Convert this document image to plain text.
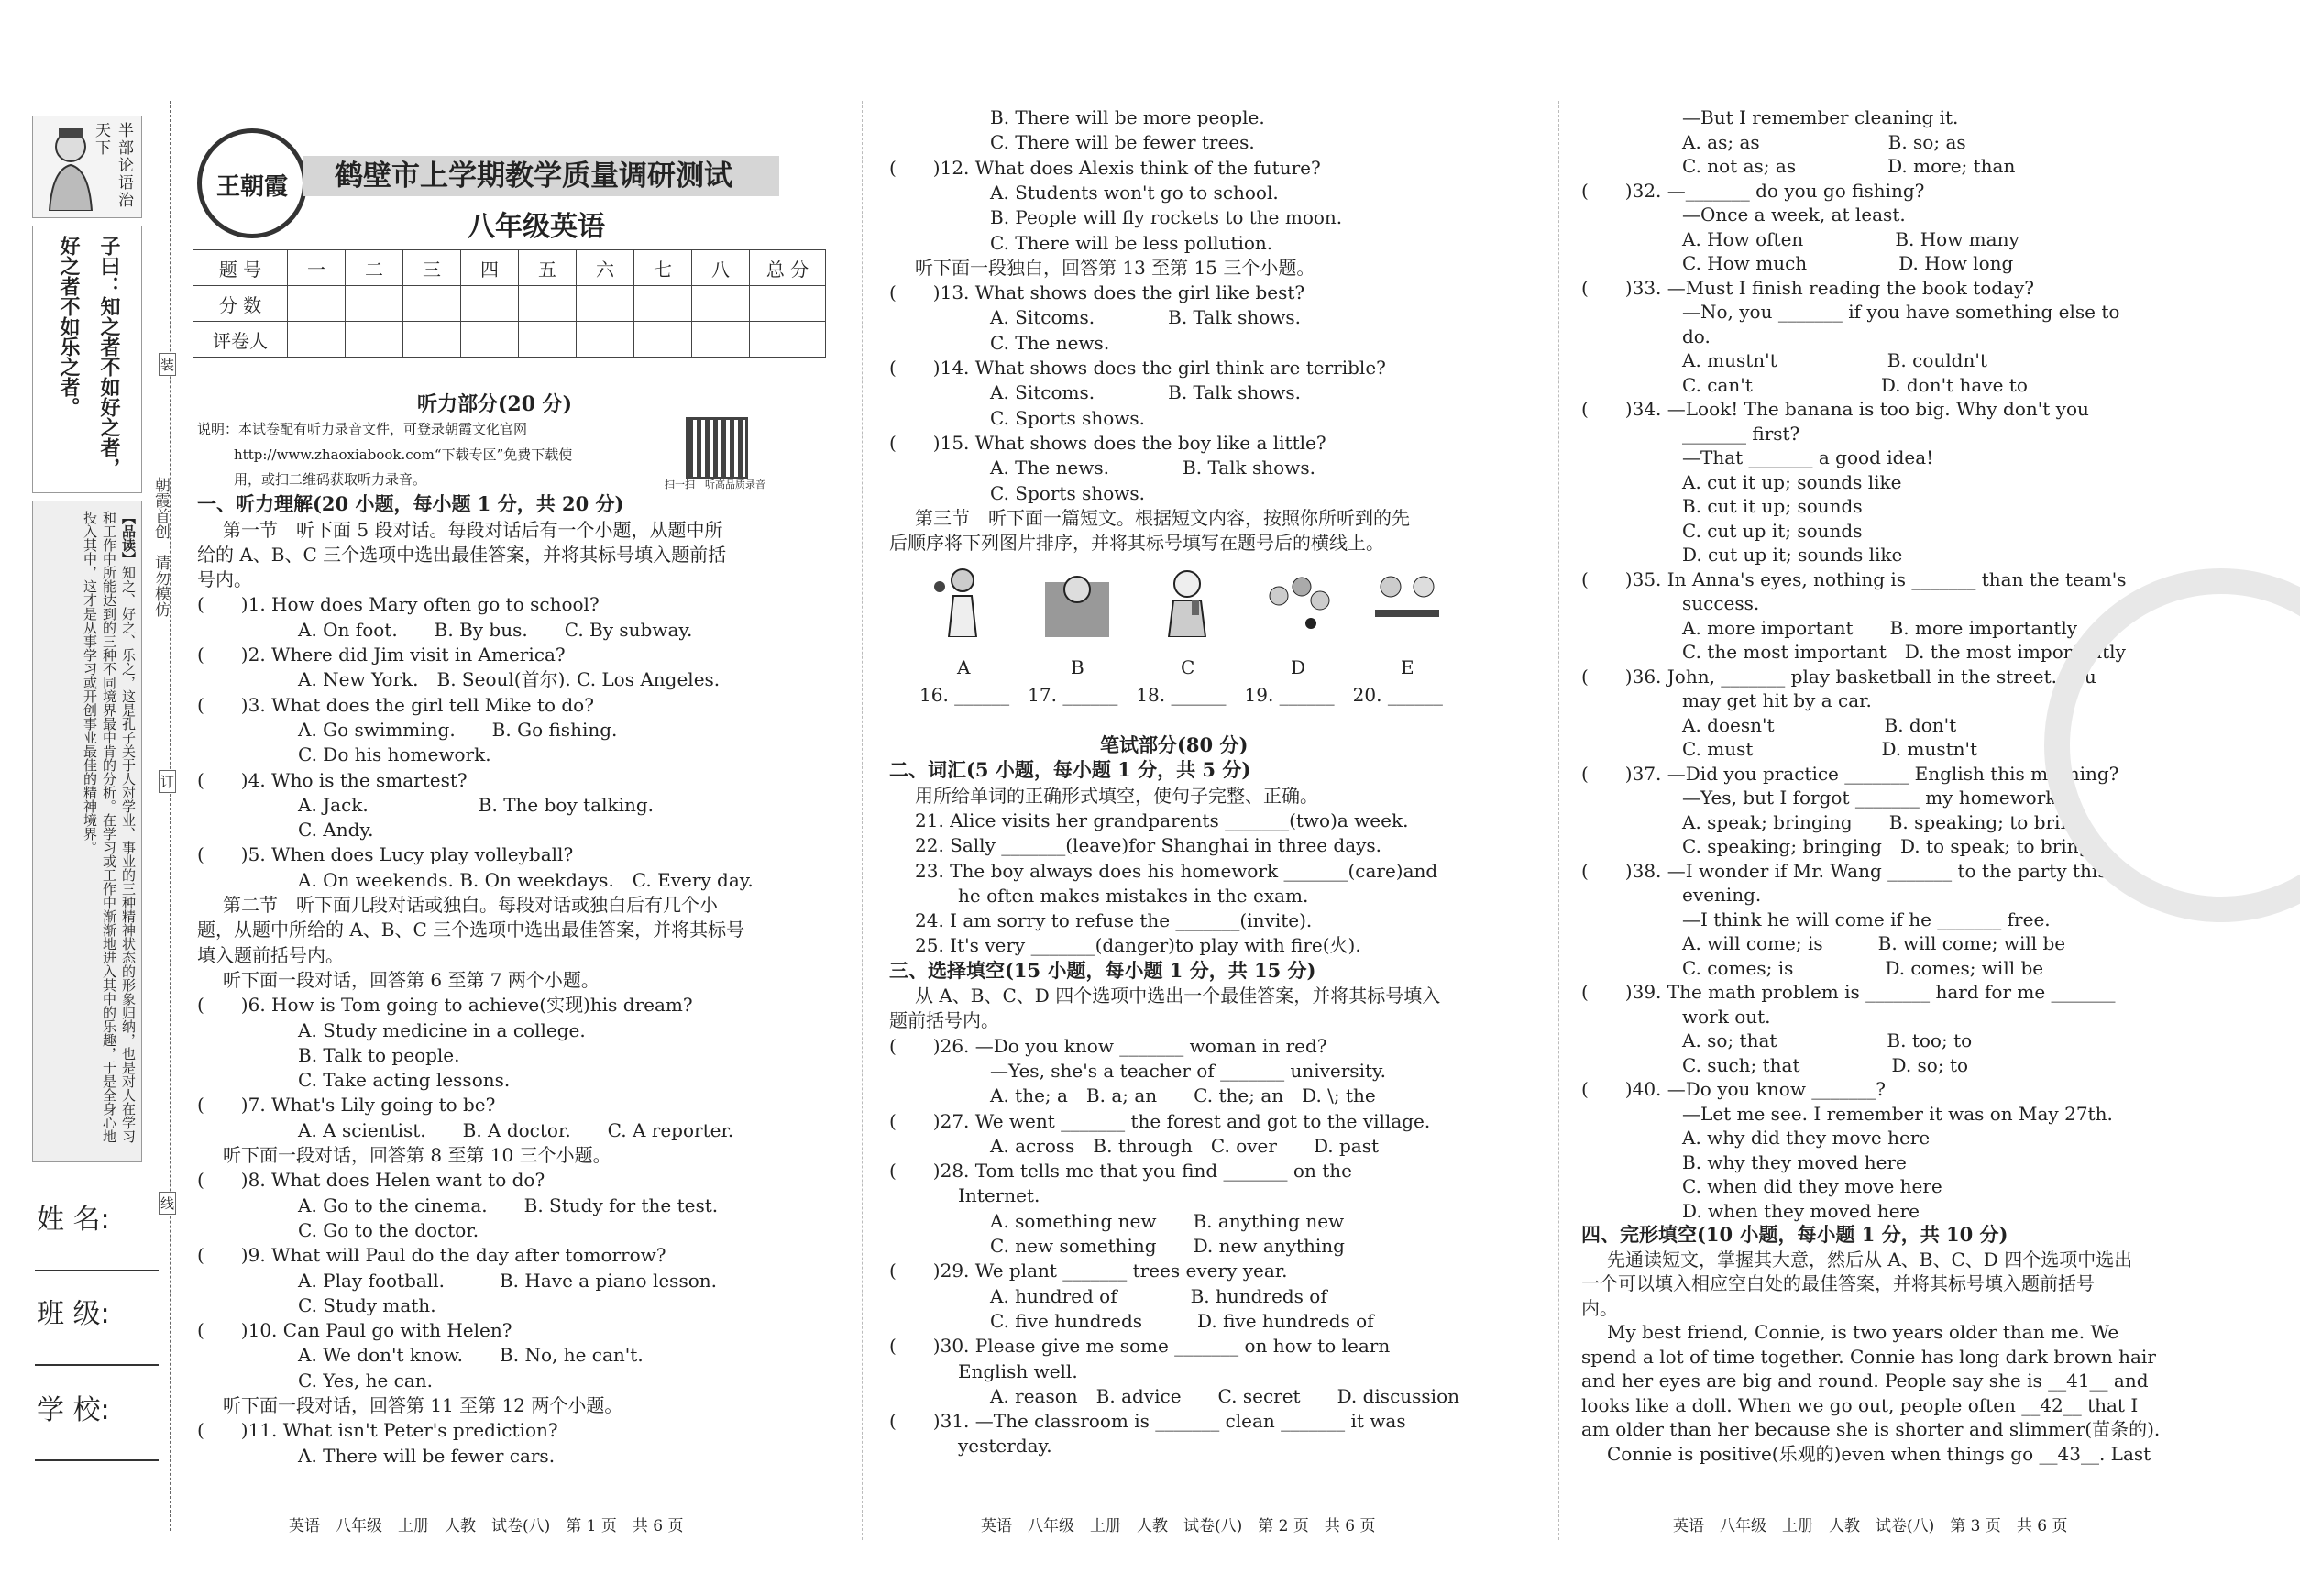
半部论语治天下
子曰：知之者不如好之者，好之者不如乐之者。
【品读】知之、好之、乐之，这是孔子关于人对学业、事业的三种精神状态的形象归纳，也是对人在学习和工作中所能达到的三种不同境界最中肯的分析。在学习或工作中渐渐地进入其中的乐趣，于是全身心地投入其中，这才是从事学习或开创事业最佳的精神境界。	朝霞首创　请勿模仿
装
订
线
姓 名:
班 级:
学 校:
王朝霞	鹤壁市上学期教学质量调研测试
八年级英语
题 号	一	二	三	四	五	六	七	八	总 分
分 数									
评卷人									
扫一扫　听高品质录音
听力部分(20 分)
说明：本试卷配有听力录音文件，可登录朝霞文化官网
http://www.zhaoxiabook.com“下载专区”免费下载使
用，或扫二维码获取听力录音。
一、听力理解(20 小题，每小题 1 分，共 20 分)
第一节　听下面 5 段对话。每段对话后有一个小题，从题中所
给的 A、B、C 三个选项中选出最佳答案，并将其标号填入题前括
号内。
(　　)1. How does Mary often go to school?
A. On foot.　　B. By bus.　　C. By subway.
(　　)2. Where did Jim visit in America?
A. New York.　B. Seoul(首尔). C. Los Angeles.
(　　)3. What does the girl tell Mike to do?
A. Go swimming.　　B. Go fishing.
C. Do his homework.
(　　)4. Who is the smartest?
A. Jack.　　　　　　B. The boy talking.
C. Andy.
(　　)5. When does Lucy play volleyball?
A. On weekends. B. On weekdays.　C. Every day.
第二节　听下面几段对话或独白。每段对话或独白后有几个小
题，从题中所给的 A、B、C 三个选项中选出最佳答案，并将其标号
填入题前括号内。
听下面一段对话，回答第 6 至第 7 两个小题。
(　　)6. How is Tom going to achieve(实现)his dream?
A. Study medicine in a college.
B. Talk to people.
C. Take acting lessons.
(　　)7. What's Lily going to be?
A. A scientist.　　B. A doctor.　　C. A reporter.
听下面一段对话，回答第 8 至第 10 三个小题。
(　　)8. What does Helen want to do?
A. Go to the cinema.　　B. Study for the test.
C. Go to the doctor.
(　　)9. What will Paul do the day after tomorrow?
A. Play football.　　　B. Have a piano lesson.
C. Study math.
(　　)10. Can Paul go with Helen?
A. We don't know.　　B. No, he can't.
C. Yes, he can.
听下面一段对话，回答第 11 至第 12 两个小题。
(　　)11. What isn't Peter's prediction?
A. There will be fewer cars.
B. There will be more people.
C. There will be fewer trees.
(　　)12. What does Alexis think of the future?
A. Students won't go to school.
B. People will fly rockets to the moon.
C. There will be less pollution.
听下面一段独白，回答第 13 至第 15 三个小题。
(　　)13. What shows does the girl like best?
A. Sitcoms.　　　　B. Talk shows.
C. The news.
(　　)14. What shows does the girl think are terrible?
A. Sitcoms.　　　　B. Talk shows.
C. Sports shows.
(　　)15. What shows does the boy like a little?
A. The news.　　　　B. Talk shows.
C. Sports shows.
第三节　听下面一篇短文。根据短文内容，按照你所听到的先
后顺序将下列图片排序，并将其标号填写在题号后的横线上。
笔试部分(80 分)
二、词汇(5 小题，每小题 1 分，共 5 分)
用所给单词的正确形式填空，使句子完整、正确。
21. Alice visits her grandparents _______(two)a week.
22. Sally _______(leave)for Shanghai in three days.
23. The boy always does his homework _______(care)and
he often makes mistakes in the exam.
24. I am sorry to refuse the _______(invite).
25. It's very _______(danger)to play with fire(火).
三、选择填空(15 小题，每小题 1 分，共 15 分)
从 A、B、C、D 四个选项中选出一个最佳答案，并将其标号填入
题前括号内。
(　　)26. —Do you know _______ woman in red?
—Yes, she's a teacher of _______ university.
A. the; a　B. a; an　　C. the; an　D. \; the
(　　)27. We went _______ the forest and got to the village.
A. across　B. through　C. over　　D. past
(　　)28. Tom tells me that you find _______ on the
Internet.
A. something new　　B. anything new
C. new something　　D. new anything
(　　)29. We plant _______ trees every year.
A. hundred of　　　　B. hundreds of
C. five hundreds　　　D. five hundreds of
(　　)30. Please give me some _______ on how to learn
English well.
A. reason　B. advice　　C. secret　　D. discussion
(　　)31. —The classroom is _______ clean _______ it was
yesterday.
—But I remember cleaning it.
A. as; as　　　　　　　B. so; as
C. not as; as　　　　　D. more; than
(　　)32. —_______ do you go fishing?
—Once a week, at least.
A. How often　　　　　B. How many
C. How much　　　　　D. How long
(　　)33. —Must I finish reading the book today?
—No, you _______ if you have something else to
do.
A. mustn't　　　　　　B. couldn't
C. can't　　　　　　　D. don't have to
(　　)34. —Look! The banana is too big. Why don't you
_______ first?
—That _______ a good idea!
A. cut it up; sounds like
B. cut it up; sounds
C. cut up it; sounds
D. cut up it; sounds like
(　　)35. In Anna's eyes, nothing is _______ than the team's
success.
A. more important　　B. more importantly
C. the most important　D. the most importantly
(　　)36. John, _______ play basketball in the street. You
may get hit by a car.
A. doesn't　　　　　　B. don't
C. must　　　　　　　D. mustn't
(　　)37. —Did you practice _______ English this morning?
—Yes, but I forgot _______ my homework.
A. speak; bringing　　B. speaking; to bring
C. speaking; bringing　D. to speak; to bring
(　　)38. —I wonder if Mr. Wang _______ to the party this
evening.
—I think he will come if he _______ free.
A. will come; is　　　B. will come; will be
C. comes; is　　　　　D. comes; will be
(　　)39. The math problem is _______ hard for me _______
work out.
A. so; that　　　　　　B. too; to
C. such; that　　　　　D. so; to
(　　)40. —Do you know _______?
—Let me see. I remember it was on May 27th.
A. why did they move here
B. why they moved here
C. when did they move here
D. when they moved here
四、完形填空(10 小题，每小题 1 分，共 10 分)
先通读短文，掌握其大意，然后从 A、B、C、D 四个选项中选出
一个可以填入相应空白处的最佳答案，并将其标号填入题前括号
内。
My best friend, Connie, is two years older than me. We
spend a lot of time together. Connie has long dark brown hair
and her eyes are big and round. People say she is __41__ and
looks like a doll. When we go out, people often __42__ that I
am older than her because she is shorter and slimmer(苗条的).
Connie is positive(乐观的)even when things go __43__. Last
A	B	C	D	E
16. ______　17. ______　18. ______　19. ______　20. ______
英语　八年级　上册　人教　试卷(八)　第 1 页　共 6 页	英语　八年级　上册　人教　试卷(八)　第 2 页　共 6 页	英语　八年级　上册　人教　试卷(八)　第 3 页　共 6 页
